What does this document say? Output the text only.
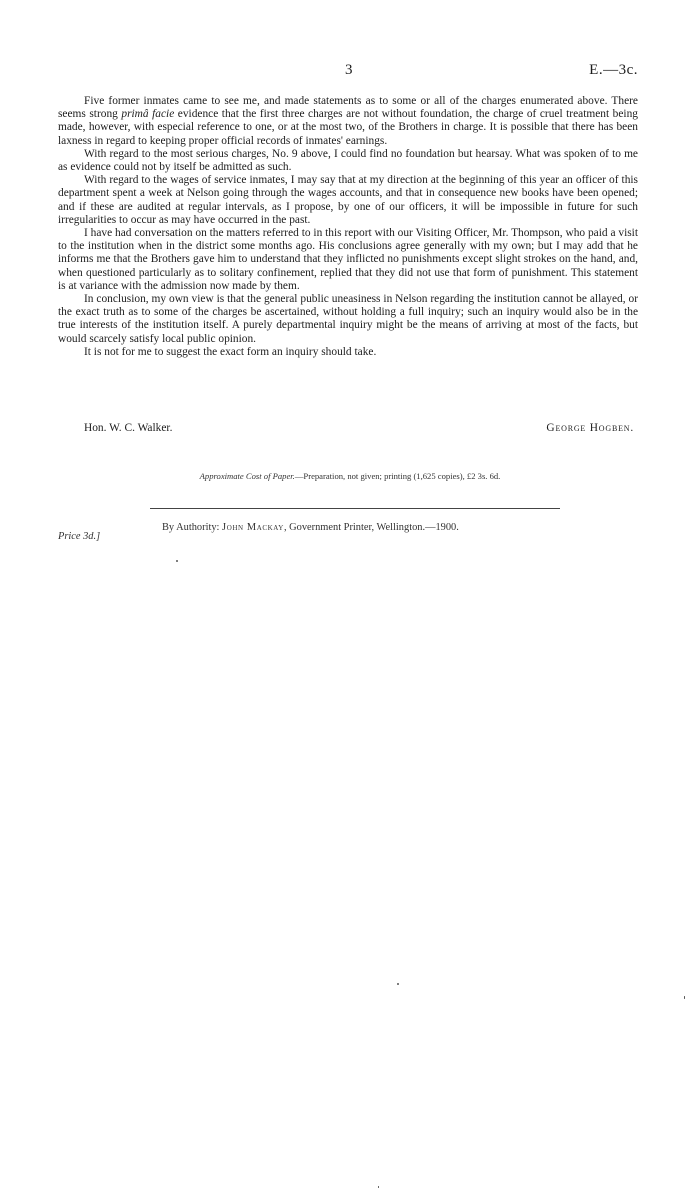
3	E.—3c.

Five former inmates came to see me, and made statements as to some or all of the charges enumerated above. There seems strong primâ facie evidence that the first three charges are not without foundation, the charge of cruel treatment being made, however, with especial reference to one, or at the most two, of the Brothers in charge. It is possible that there has been laxness in regard to keeping proper official records of inmates' earnings.

With regard to the most serious charges, No. 9 above, I could find no foundation but hearsay. What was spoken of to me as evidence could not by itself be admitted as such.

With regard to the wages of service inmates, I may say that at my direction at the beginning of this year an officer of this department spent a week at Nelson going through the wages accounts, and that in consequence new books have been opened; and if these are audited at regular intervals, as I propose, by one of our officers, it will be impossible in future for such irregularities to occur as may have occurred in the past.

I have had conversation on the matters referred to in this report with our Visiting Officer, Mr. Thompson, who paid a visit to the institution when in the district some months ago. His conclusions agree generally with my own; but I may add that he informs me that the Brothers gave him to understand that they inflicted no punishments except slight strokes on the hand, and, when questioned particularly as to solitary confinement, replied that they did not use that form of punishment. This statement is at variance with the admission now made by them.

In conclusion, my own view is that the general public uneasiness in Nelson regarding the institution cannot be allayed, or the exact truth as to some of the charges be ascertained, without holding a full inquiry; such an inquiry would also be in the true interests of the institution itself. A purely departmental inquiry might be the means of arriving at most of the facts, but would scarcely satisfy local public opinion.

It is not for me to suggest the exact form an inquiry should take.

Hon. W. C. Walker.	George Hogben.
Approximate Cost of Paper.—Preparation, not given; printing (1,625 copies), £2 3s. 6d.
Price 3d.]
By Authority: John Mackay, Government Printer, Wellington.—1900.
